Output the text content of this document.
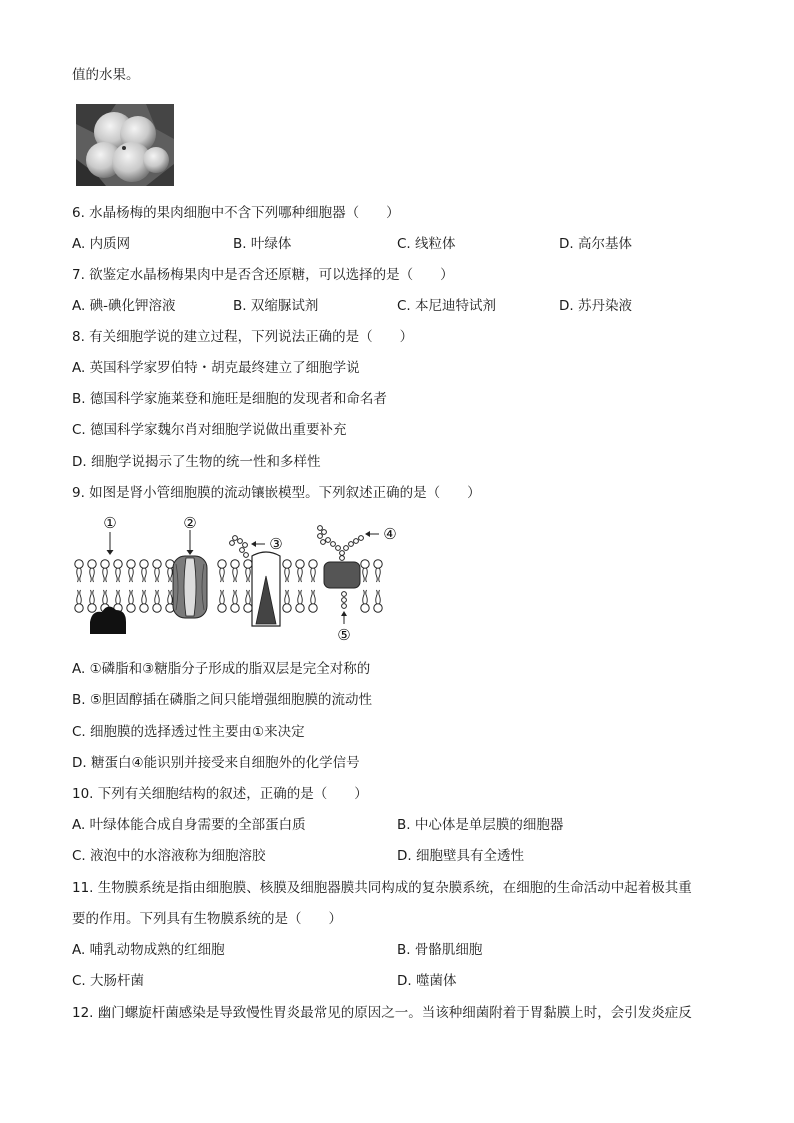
值的水果。
6. 水晶杨梅的果肉细胞中不含下列哪种细胞器（　　）
A. 内质网	B. 叶绿体	C. 线粒体	D. 高尔基体
7. 欲鉴定水晶杨梅果肉中是否含还原糖，可以选择的是（　　）
A. 碘-碘化钾溶液	B. 双缩脲试剂	C. 本尼迪特试剂	D. 苏丹染液
8. 有关细胞学说的建立过程，下列说法正确的是（　　）
A. 英国科学家罗伯特・胡克最终建立了细胞学说
B. 德国科学家施莱登和施旺是细胞的发现者和命名者
C. 德国科学家魏尔肖对细胞学说做出重要补充
D. 细胞学说揭示了生物的统一性和多样性
9. 如图是肾小管细胞膜的流动镶嵌模型。下列叙述正确的是（　　）
①	②
③
④
⑤
A. ①磷脂和③糖脂分子形成的脂双层是完全对称的
B. ⑤胆固醇插在磷脂之间只能增强细胞膜的流动性
C. 细胞膜的选择透过性主要由①来决定
D. 糖蛋白④能识别并接受来自细胞外的化学信号
10. 下列有关细胞结构的叙述，正确的是（　　）
A. 叶绿体能合成自身需要的全部蛋白质	B. 中心体是单层膜的细胞器
C. 液泡中的水溶液称为细胞溶胶	D. 细胞壁具有全透性
11. 生物膜系统是指由细胞膜、核膜及细胞器膜共同构成的复杂膜系统，在细胞的生命活动中起着极其重
要的作用。下列具有生物膜系统的是（　　）
A. 哺乳动物成熟的红细胞	B. 骨骼肌细胞
C. 大肠杆菌	D. 噬菌体
12. 幽门螺旋杆菌感染是导致慢性胃炎最常见的原因之一。当该种细菌附着于胃黏膜上时，会引发炎症反
